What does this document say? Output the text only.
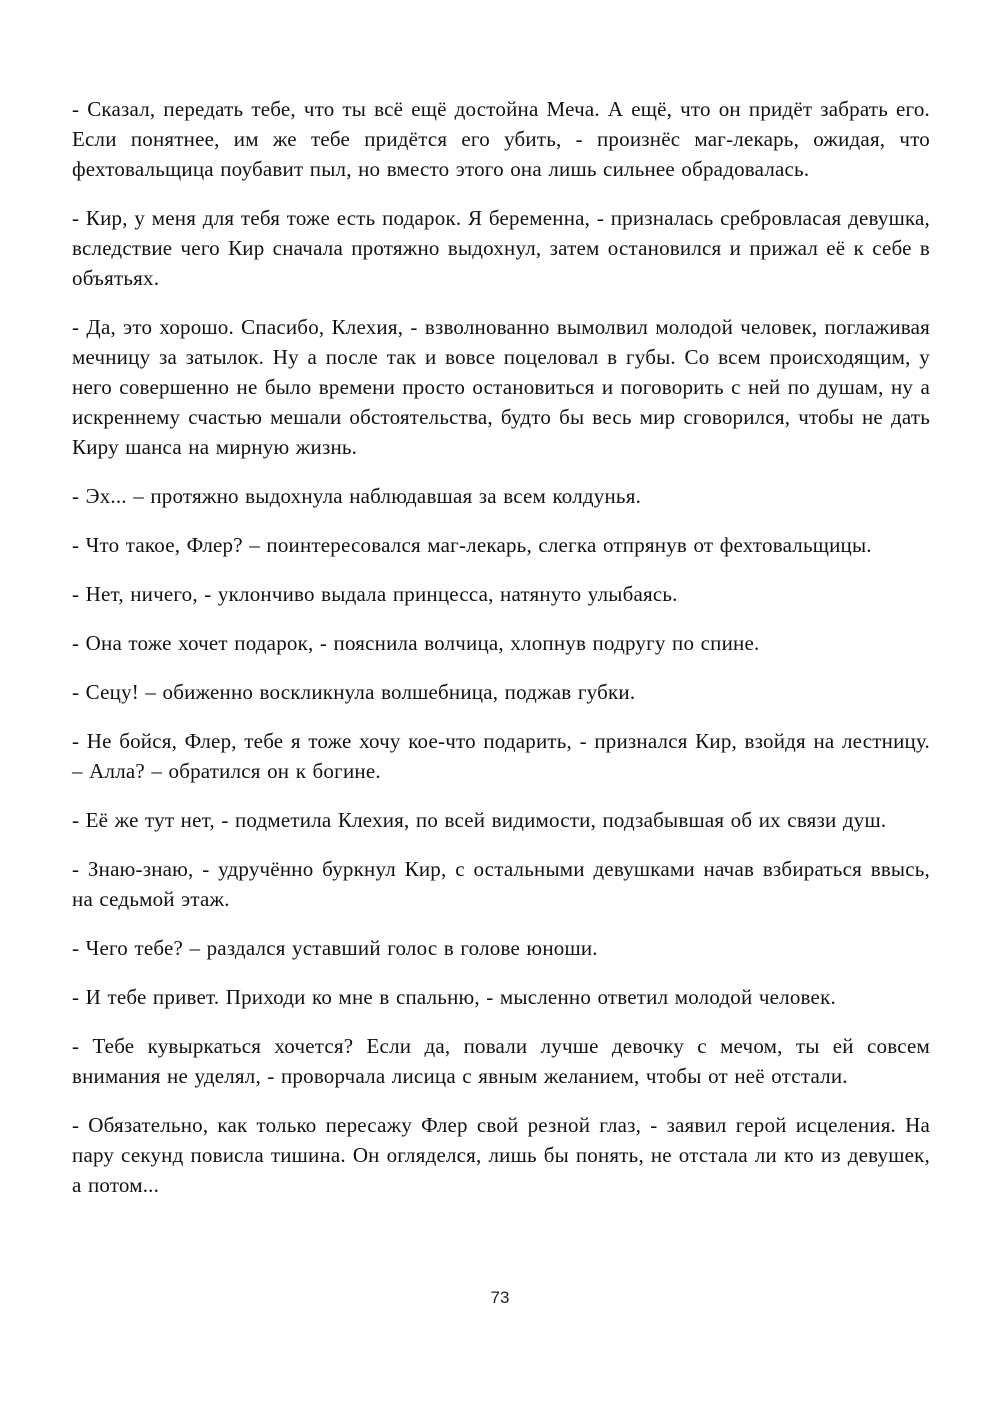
- Сказал, передать тебе, что ты всё ещё достойна Меча. А ещё, что он придёт забрать его. Если понятнее, им же тебе придётся его убить, - произнёс маг-лекарь, ожидая, что фехтовальщица поубавит пыл, но вместо этого она лишь сильнее обрадовалась.

- Кир, у меня для тебя тоже есть подарок. Я беременна, - призналась сребровласая девушка, вследствие чего Кир сначала протяжно выдохнул, затем остановился и прижал её к себе в объятьях.

- Да, это хорошо. Спасибо, Клехия, - взволнованно вымолвил молодой человек, поглаживая мечницу за затылок. Ну а после так и вовсе поцеловал в губы. Со всем происходящим, у него совершенно не было времени просто остановиться и поговорить с ней по душам, ну а искреннему счастью мешали обстоятельства, будто бы весь мир сговорился, чтобы не дать Киру шанса на мирную жизнь.

- Эх... – протяжно выдохнула наблюдавшая за всем колдунья.

- Что такое, Флер? – поинтересовался маг-лекарь, слегка отпрянув от фехтовальщицы.

- Нет, ничего, - уклончиво выдала принцесса, натянуто улыбаясь.

- Она тоже хочет подарок, - пояснила волчица, хлопнув подругу по спине.

- Сецу! – обиженно воскликнула волшебница, поджав губки.

- Не бойся, Флер, тебе я тоже хочу кое-что подарить, - признался Кир, взойдя на лестницу. – Алла? – обратился он к богине.

- Её же тут нет, - подметила Клехия, по всей видимости, подзабывшая об их связи душ.

- Знаю-знаю, - удручённо буркнул Кир, с остальными девушками начав взбираться ввысь, на седьмой этаж.

- Чего тебе? – раздался уставший голос в голове юноши.

- И тебе привет. Приходи ко мне в спальню, - мысленно ответил молодой человек.

- Тебе кувыркаться хочется? Если да, повали лучше девочку с мечом, ты ей совсем внимания не уделял, - проворчала лисица с явным желанием, чтобы от неё отстали.

- Обязательно, как только пересажу Флер свой резной глаз, - заявил герой исцеления. На пару секунд повисла тишина. Он огляделся, лишь бы понять, не отстала ли кто из девушек, а потом...

73
